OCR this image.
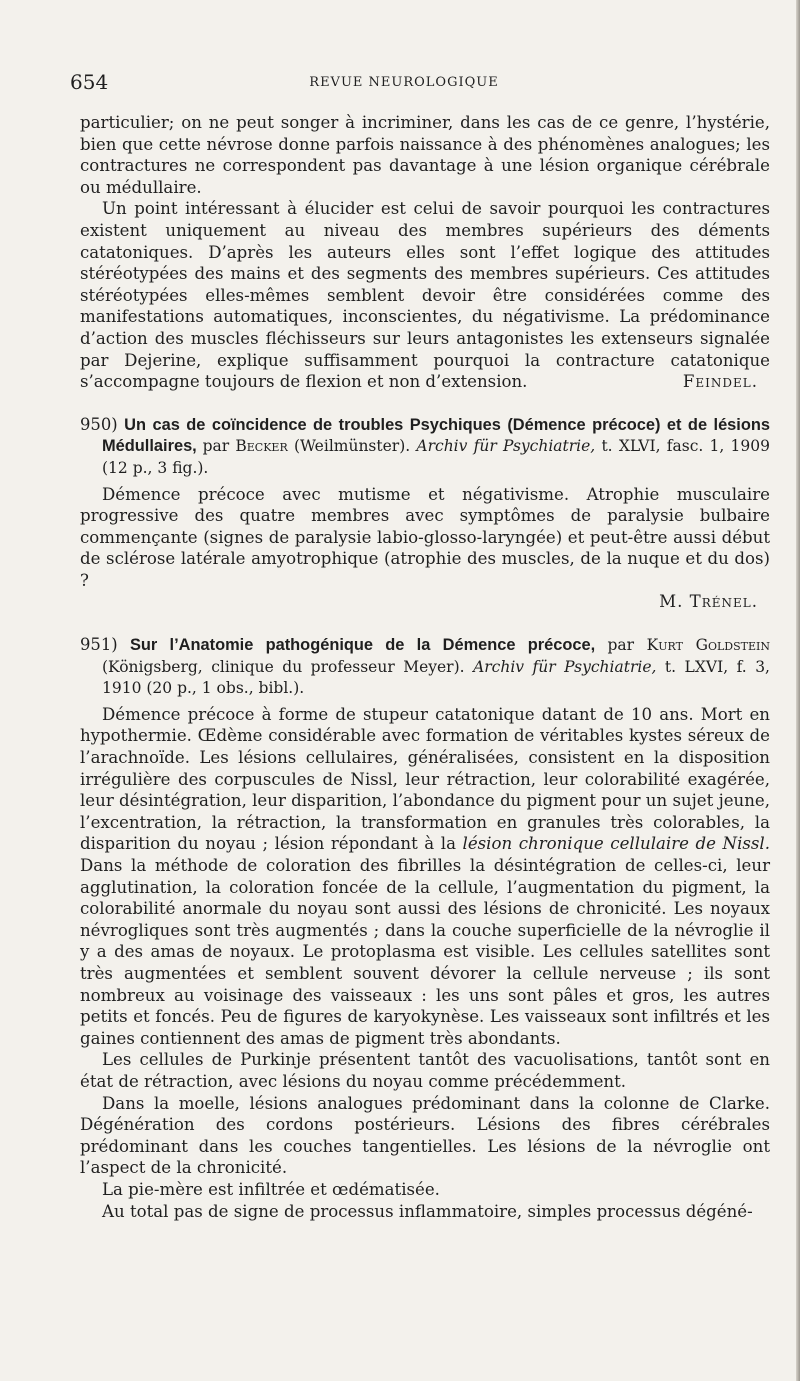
654	REVUE NEUROLOGIQUE

particulier; on ne peut songer à incriminer, dans les cas de ce genre, l’hystérie, bien que cette névrose donne parfois naissance à des phénomènes analogues; les contractures ne correspondent pas davantage à une lésion organique cérébrale ou médullaire.

Un point intéressant à élucider est celui de savoir pourquoi les contractures existent uniquement au niveau des membres supérieurs des déments catatoniques. D’après les auteurs elles sont l’effet logique des attitudes stéréotypées des mains et des segments des membres supérieurs. Ces attitudes stéréotypées elles-mêmes semblent devoir être considérées comme des manifestations automatiques, inconscientes, du négativisme. La prédominance d’action des muscles fléchisseurs sur leurs antagonistes les extenseurs signalée par Dejerine, explique suffisamment pourquoi la contracture catatonique s’accompagne toujours de flexion et non d’extension.	Feindel.

950) Un cas de coïncidence de troubles Psychiques (Démence précoce) et de lésions Médullaires, par Becker (Weilmünster). Archiv für Psychiatrie, t. XLVI, fasc. 1, 1909 (12 p., 3 fig.).

Démence précoce avec mutisme et négativisme. Atrophie musculaire progressive des quatre membres avec symptômes de paralysie bulbaire commençante (signes de paralysie labio-glosso-laryngée) et peut-être aussi début de sclérose latérale amyotrophique (atrophie des muscles, de la nuque et du dos) ?

M. Trénel.

951) Sur l’Anatomie pathogénique de la Démence précoce, par Kurt Goldstein (Königsberg, clinique du professeur Meyer). Archiv für Psychiatrie, t. LXVI, f. 3, 1910 (20 p., 1 obs., bibl.).

Démence précoce à forme de stupeur catatonique datant de 10 ans. Mort en hypothermie. Œdème considérable avec formation de véritables kystes séreux de l’arachnoïde. Les lésions cellulaires, généralisées, consistent en la disposition irrégulière des corpuscules de Nissl, leur rétraction, leur colorabilité exagérée, leur désintégration, leur disparition, l’abondance du pigment pour un sujet jeune, l’excentration, la rétraction, la transformation en granules très colorables, la disparition du noyau ; lésion répondant à la lésion chronique cellulaire de Nissl. Dans la méthode de coloration des fibrilles la désintégration de celles-ci, leur agglutination, la coloration foncée de la cellule, l’augmentation du pigment, la colorabilité anormale du noyau sont aussi des lésions de chronicité. Les noyaux névrogliques sont très augmentés ; dans la couche superficielle de la névroglie il y a des amas de noyaux. Le protoplasma est visible. Les cellules satellites sont très augmentées et semblent souvent dévorer la cellule nerveuse ; ils sont nombreux au voisinage des vaisseaux : les uns sont pâles et gros, les autres petits et foncés. Peu de figures de karyokynèse. Les vaisseaux sont infiltrés et les gaines contiennent des amas de pigment très abondants.

Les cellules de Purkinje présentent tantôt des vacuolisations, tantôt sont en état de rétraction, avec lésions du noyau comme précédemment.

Dans la moelle, lésions analogues prédominant dans la colonne de Clarke. Dégénération des cordons postérieurs. Lésions des fibres cérébrales prédominant dans les couches tangentielles. Les lésions de la névroglie ont l’aspect de la chronicité.

La pie-mère est infiltrée et œdématisée.

Au total pas de signe de processus inflammatoire, simples processus dégéné-
